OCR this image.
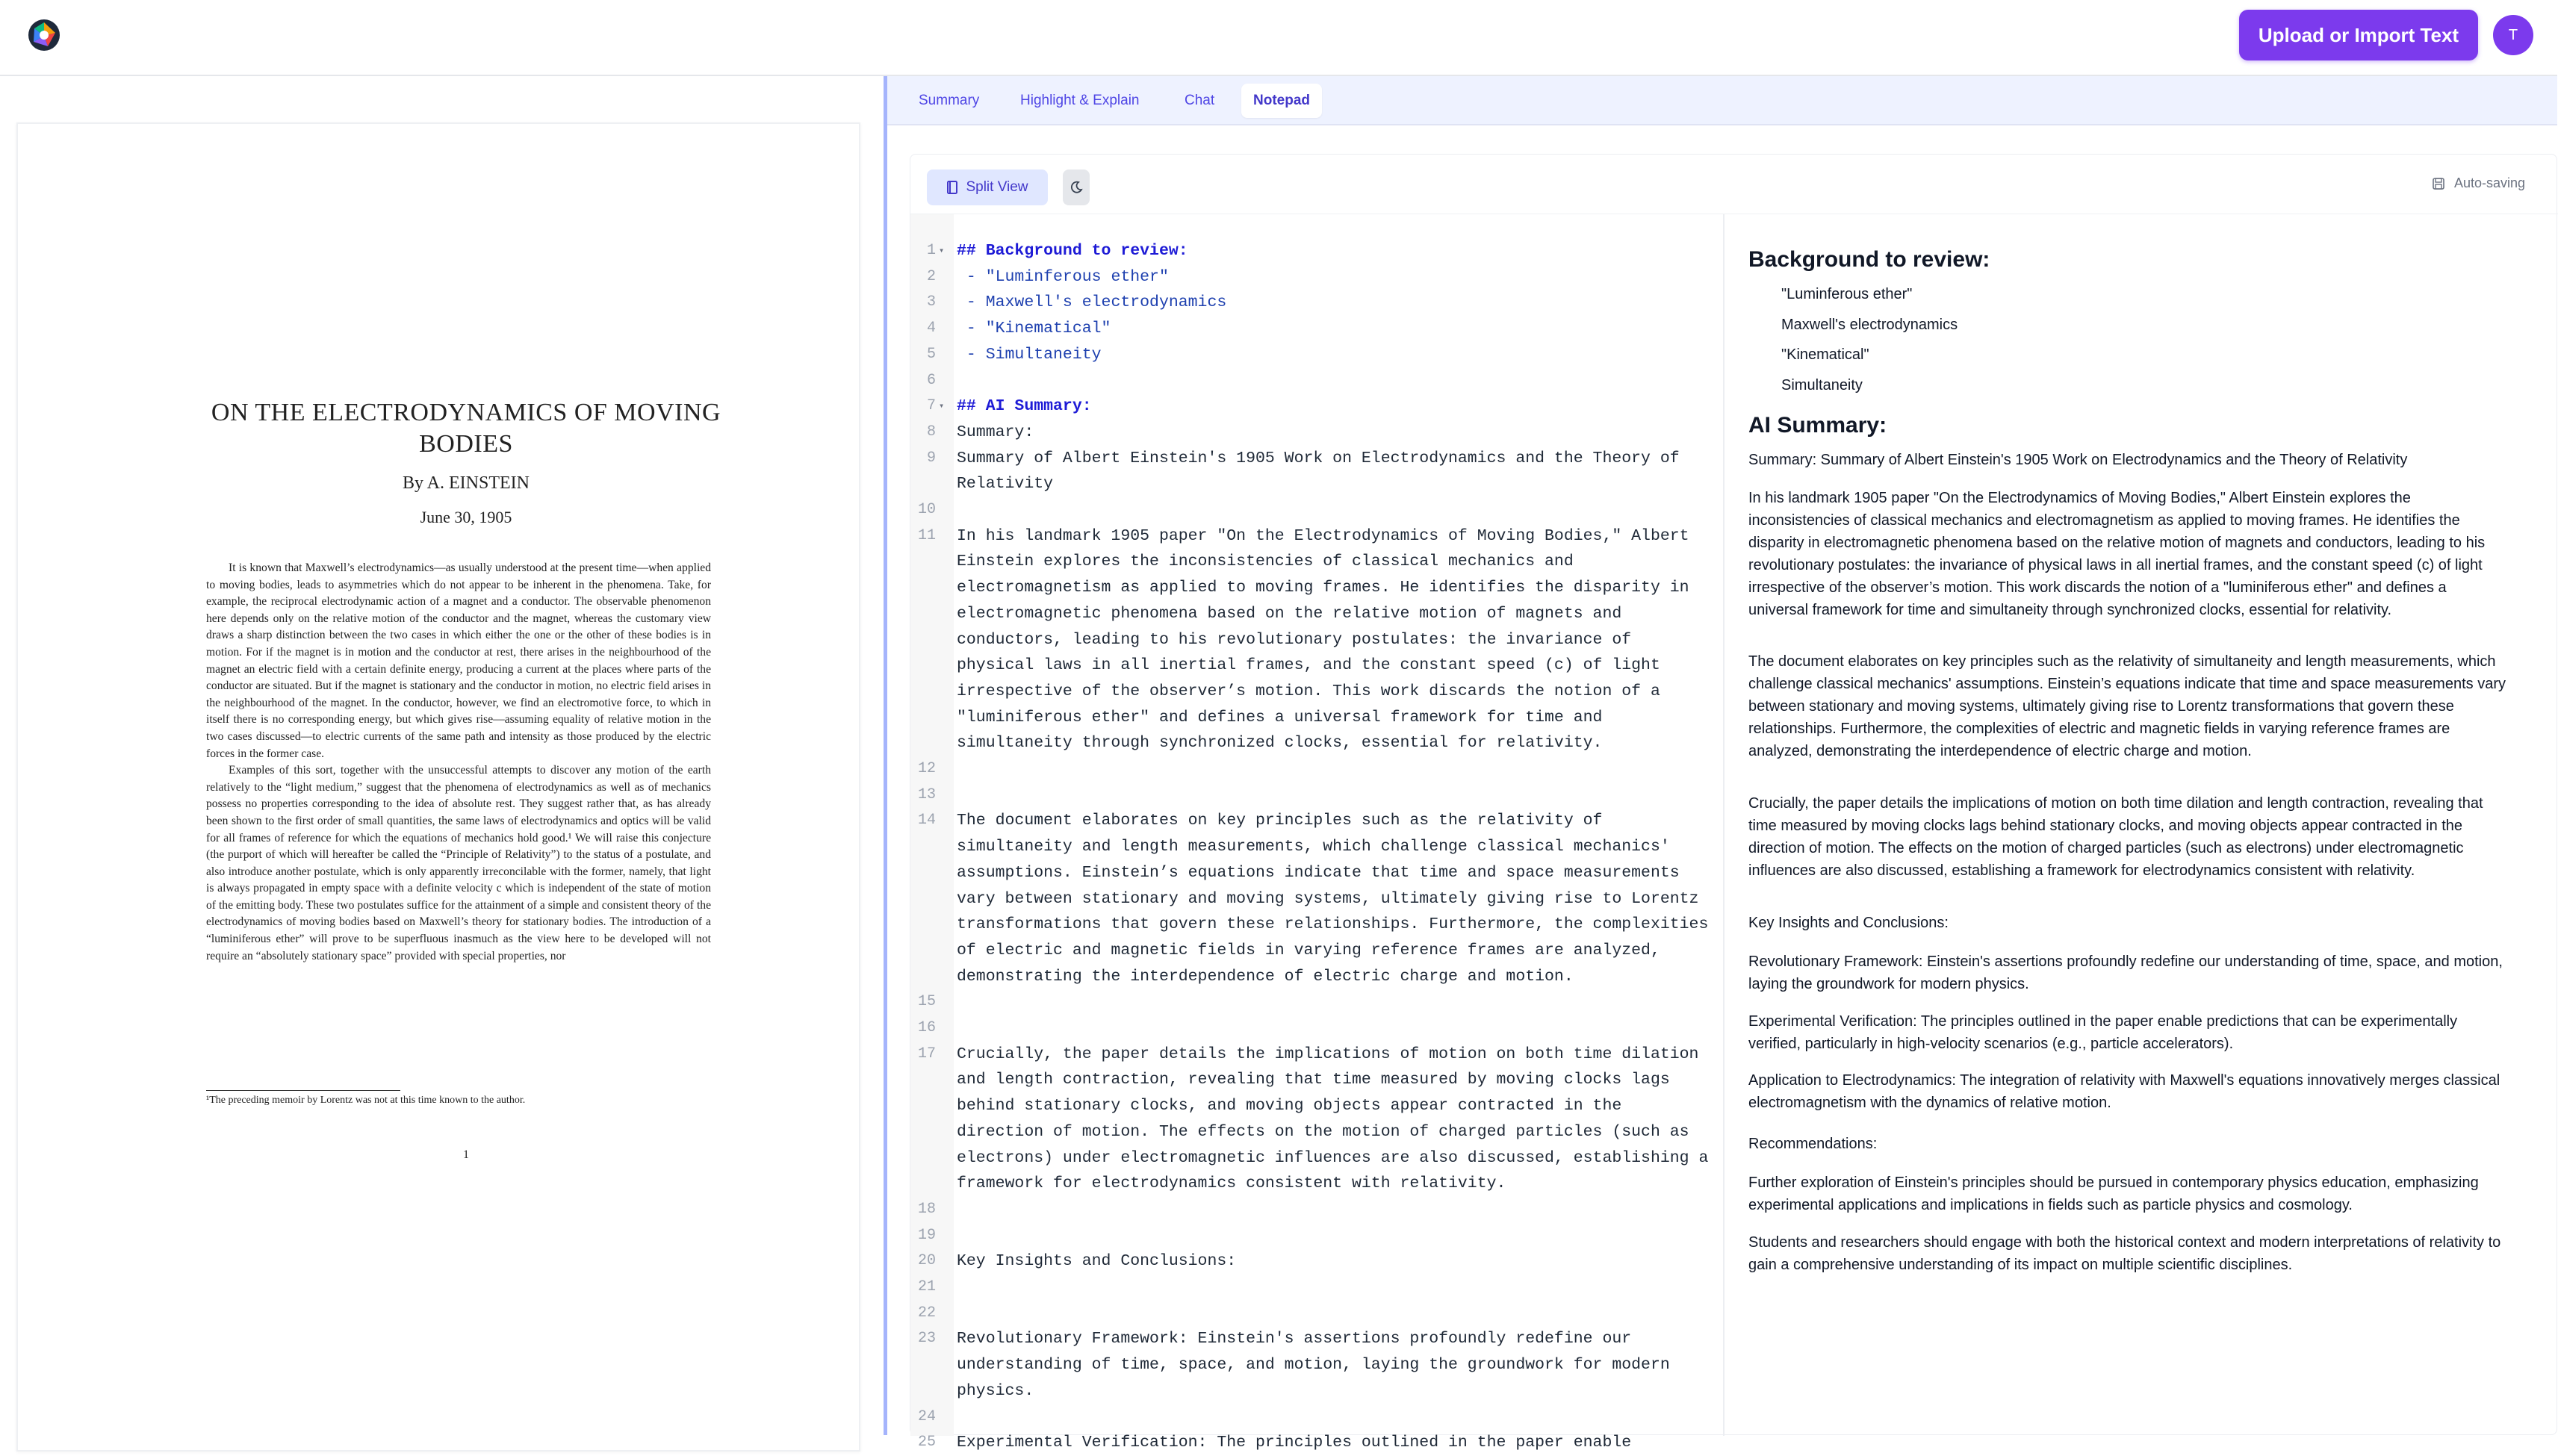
Upload or Import Text	T
ON THE ELECTRODYNAMICS OF MOVING BODIES
By A. EINSTEIN
June 30, 1905

It is known that Maxwell’s electrodynamics—as usually understood at the present time—when applied to moving bodies, leads to asymmetries which do not appear to be inherent in the phenomena. Take, for example, the reciprocal electrodynamic action of a magnet and a conductor. The observable phenomenon here depends only on the relative motion of the conductor and the magnet, whereas the customary view draws a sharp distinction between the two cases in which either the one or the other of these bodies is in motion. For if the magnet is in motion and the conductor at rest, there arises in the neighbourhood of the magnet an electric field with a certain definite energy, producing a current at the places where parts of the conductor are situated. But if the magnet is stationary and the conductor in motion, no electric field arises in the neighbourhood of the magnet. In the conductor, however, we find an electromotive force, to which in itself there is no corresponding energy, but which gives rise—assuming equality of relative motion in the two cases discussed—to electric currents of the same path and intensity as those produced by the electric forces in the former case.

Examples of this sort, together with the unsuccessful attempts to discover any motion of the earth relatively to the “light medium,” suggest that the phenomena of electrodynamics as well as of mechanics possess no properties corresponding to the idea of absolute rest. They suggest rather that, as has already been shown to the first order of small quantities, the same laws of electrodynamics and optics will be valid for all frames of reference for which the equations of mechanics hold good.¹ We will raise this conjecture (the purport of which will hereafter be called the “Principle of Relativity”) to the status of a postulate, and also introduce another postulate, which is only apparently irreconcilable with the former, namely, that light is always propagated in empty space with a definite velocity c which is independent of the state of motion of the emitting body. These two postulates suffice for the attainment of a simple and consistent theory of the electrodynamics of moving bodies based on Maxwell’s theory for stationary bodies. The introduction of a “luminiferous ether” will prove to be superfluous inasmuch as the view here to be developed will not require an “absolutely stationary space” provided with special properties, nor

¹The preceding memoir by Lorentz was not at this time known to the author.
1
Summary	Highlight & Explain	Chat	Notepad
Split View	Auto-saving
1 ▾ ## Background to review:
2 - "Luminferous ether"
3 - Maxwell's electrodynamics
4 - "Kinematical"
5 - Simultaneity
6
7 ▾ ## AI Summary:
8 Summary:
9 Summary of Albert Einstein's 1905 Work on Electrodynamics and the Theory of Relativity
10
11 In his landmark 1905 paper "On the Electrodynamics of Moving Bodies," Albert Einstein explores the inconsistencies of classical mechanics and electromagnetism as applied to moving frames. He identifies the disparity in electromagnetic phenomena based on the relative motion of magnets and conductors, leading to his revolutionary postulates: the invariance of physical laws in all inertial frames, and the constant speed (c) of light irrespective of the observer’s motion. This work discards the notion of a "luminiferous ether" and defines a universal framework for time and simultaneity through synchronized clocks, essential for relativity.
12
13
14 The document elaborates on key principles such as the relativity of simultaneity and length measurements, which challenge classical mechanics' assumptions. Einstein’s equations indicate that time and space measurements vary between stationary and moving systems, ultimately giving rise to Lorentz transformations that govern these relationships. Furthermore, the complexities of electric and magnetic fields in varying reference frames are analyzed, demonstrating the interdependence of electric charge and motion.
15
16
17 Crucially, the paper details the implications of motion on both time dilation and length contraction, revealing that time measured by moving clocks lags behind stationary clocks, and moving objects appear contracted in the direction of motion. The effects on the motion of charged particles (such as electrons) under electromagnetic influences are also discussed, establishing a framework for electrodynamics consistent with relativity.
18
19
20 Key Insights and Conclusions:
21
22
23 Revolutionary Framework: Einstein's assertions profoundly redefine our understanding of time, space, and motion, laying the groundwork for modern physics.
24
25 Experimental Verification: The principles outlined in the paper enable
Background to review:
"Luminferous ether"
Maxwell's electrodynamics
"Kinematical"
Simultaneity
AI Summary:
Summary: Summary of Albert Einstein's 1905 Work on Electrodynamics and the Theory of Relativity
In his landmark 1905 paper "On the Electrodynamics of Moving Bodies," Albert Einstein explores the inconsistencies of classical mechanics and electromagnetism as applied to moving frames. He identifies the disparity in electromagnetic phenomena based on the relative motion of magnets and conductors, leading to his revolutionary postulates: the invariance of physical laws in all inertial frames, and the constant speed (c) of light irrespective of the observer’s motion. This work discards the notion of a "luminiferous ether" and defines a universal framework for time and simultaneity through synchronized clocks, essential for relativity.
The document elaborates on key principles such as the relativity of simultaneity and length measurements, which challenge classical mechanics' assumptions. Einstein’s equations indicate that time and space measurements vary between stationary and moving systems, ultimately giving rise to Lorentz transformations that govern these relationships. Furthermore, the complexities of electric and magnetic fields in varying reference frames are analyzed, demonstrating the interdependence of electric charge and motion.
Crucially, the paper details the implications of motion on both time dilation and length contraction, revealing that time measured by moving clocks lags behind stationary clocks, and moving objects appear contracted in the direction of motion. The effects on the motion of charged particles (such as electrons) under electromagnetic influences are also discussed, establishing a framework for electrodynamics consistent with relativity.
Key Insights and Conclusions:
Revolutionary Framework: Einstein's assertions profoundly redefine our understanding of time, space, and motion, laying the groundwork for modern physics.
Experimental Verification: The principles outlined in the paper enable predictions that can be experimentally verified, particularly in high-velocity scenarios (e.g., particle accelerators).
Application to Electrodynamics: The integration of relativity with Maxwell's equations innovatively merges classical electromagnetism with the dynamics of relative motion.
Recommendations:
Further exploration of Einstein's principles should be pursued in contemporary physics education, emphasizing experimental applications and implications in fields such as particle physics and cosmology.
Students and researchers should engage with both the historical context and modern interpretations of relativity to gain a comprehensive understanding of its impact on multiple scientific disciplines.
